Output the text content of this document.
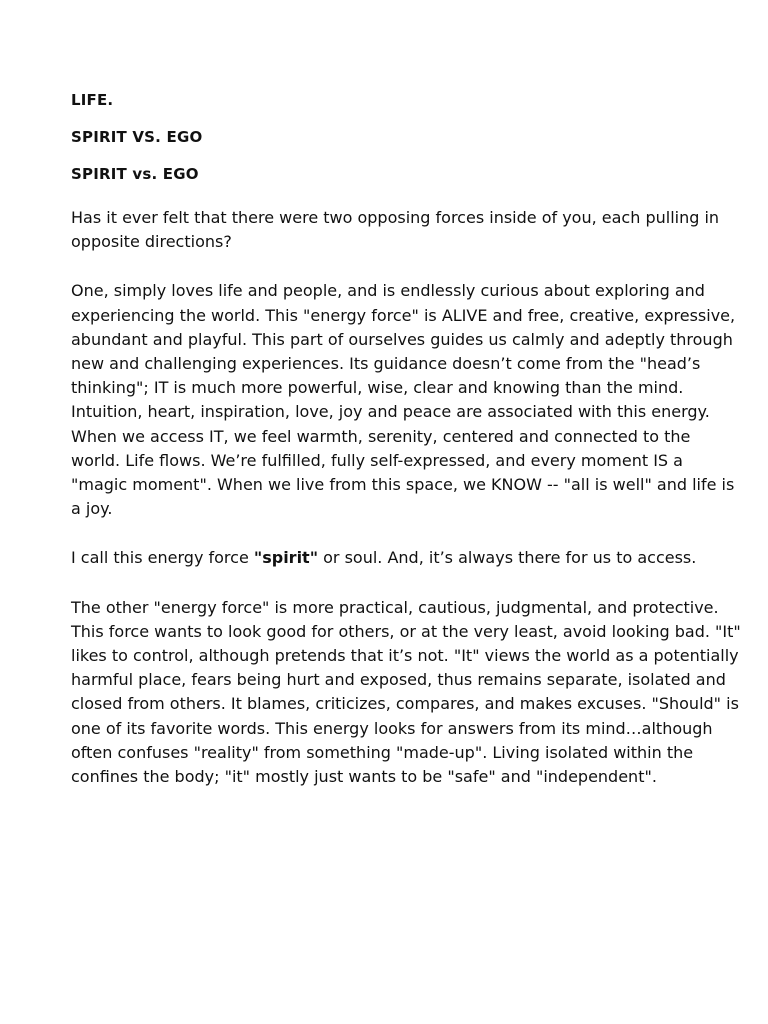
LIFE.
SPIRIT VS. EGO
SPIRIT vs. EGO

Has it ever felt that there were two opposing forces inside of you, each pulling in opposite directions?

One, simply loves life and people, and is endlessly curious about exploring and experiencing the world. This "energy force" is ALIVE and free, creative, expressive, abundant and playful. This part of ourselves guides us calmly and adeptly through new and challenging experiences. Its guidance doesn’t come from the "head’s thinking"; IT is much more powerful, wise, clear and knowing than the mind. Intuition, heart, inspiration, love, joy and peace are associated with this energy. When we access IT, we feel warmth, serenity, centered and connected to the world. Life flows. We’re fulfilled, fully self-expressed, and every moment IS a "magic moment". When we live from this space, we KNOW -- "all is well" and life is a joy.

I call this energy force "spirit" or soul. And, it’s always there for us to access.

The other "energy force" is more practical, cautious, judgmental, and protective. This force wants to look good for others, or at the very least, avoid looking bad. "It" likes to control, although pretends that it’s not. "It" views the world as a potentially harmful place, fears being hurt and exposed, thus remains separate, isolated and closed from others. It blames, criticizes, compares, and makes excuses. "Should" is one of its favorite words. This energy looks for answers from its mind…although often confuses "reality" from something "made-up". Living isolated within the confines the body; "it" mostly just wants to be "safe" and "independent".
